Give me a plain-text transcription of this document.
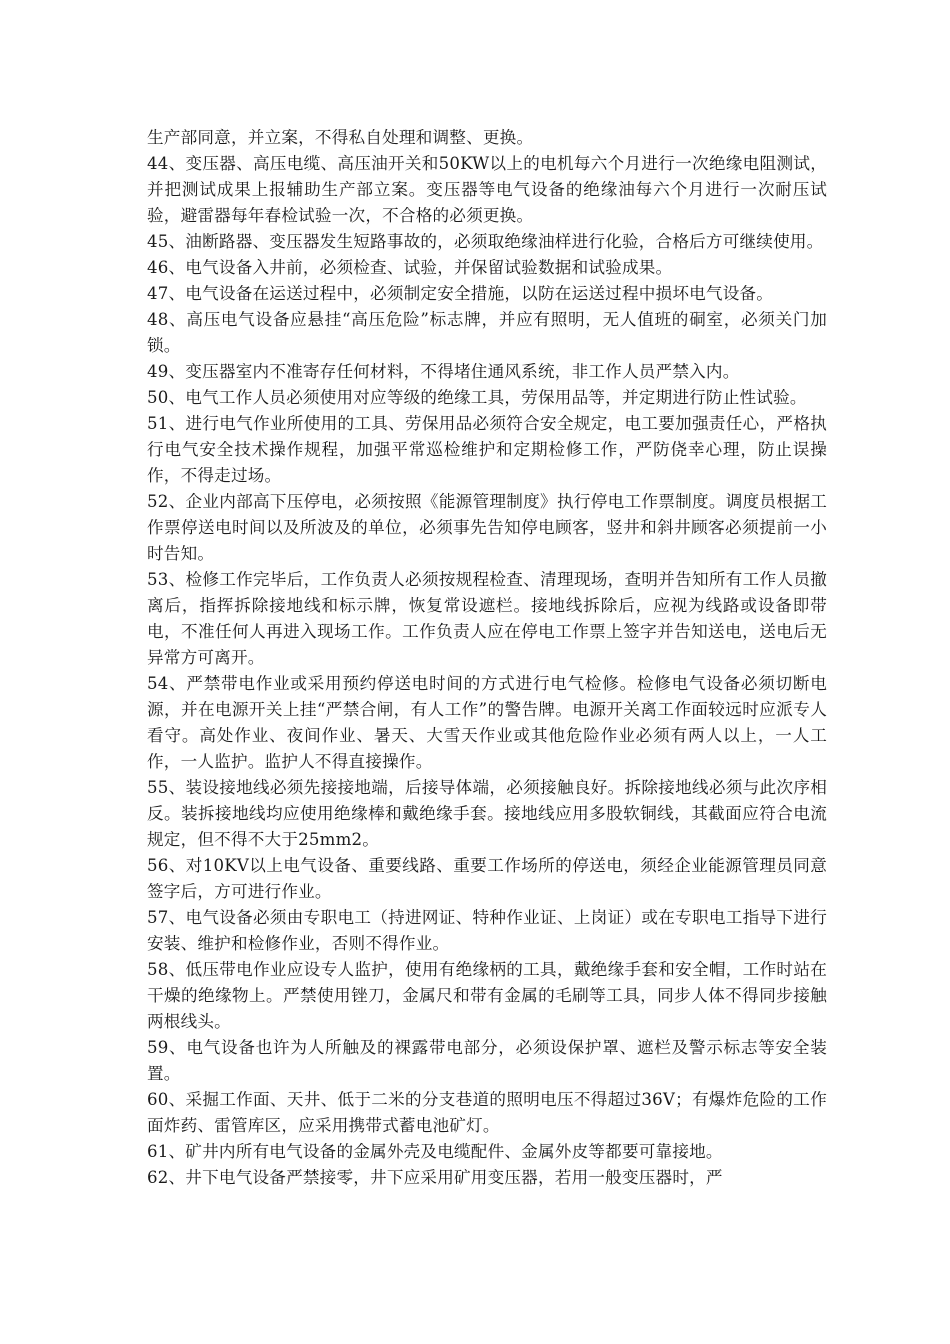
生产部同意，并立案，不得私自处理和调整、更换。

44、变压器、高压电缆、高压油开关和50KW以上的电机每六个月进行一次绝缘电阻测试，并把测试成果上报辅助生产部立案。变压器等电气设备的绝缘油每六个月进行一次耐压试验，避雷器每年春检试验一次，不合格的必须更换。

45、油断路器、变压器发生短路事故的，必须取绝缘油样进行化验，合格后方可继续使用。

46、电气设备入井前，必须检查、试验，并保留试验数据和试验成果。

47、电气设备在运送过程中，必须制定安全措施，以防在运送过程中损坏电气设备。

48、高压电气设备应悬挂“高压危险”标志牌，并应有照明，无人值班的硐室，必须关门加锁。

49、变压器室内不准寄存任何材料，不得堵住通风系统，非工作人员严禁入内。

50、电气工作人员必须使用对应等级的绝缘工具，劳保用品等，并定期进行防止性试验。

51、进行电气作业所使用的工具、劳保用品必须符合安全规定，电工要加强责任心，严格执行电气安全技术操作规程，加强平常巡检维护和定期检修工作，严防侥幸心理，防止误操作，不得走过场。

52、企业内部高下压停电，必须按照《能源管理制度》执行停电工作票制度。调度员根据工作票停送电时间以及所波及的单位，必须事先告知停电顾客，竖井和斜井顾客必须提前一小时告知。

53、检修工作完毕后，工作负责人必须按规程检查、清理现场，查明并告知所有工作人员撤离后，指挥拆除接地线和标示牌，恢复常设遮栏。接地线拆除后，应视为线路或设备即带电，不准任何人再进入现场工作。工作负责人应在停电工作票上签字并告知送电，送电后无异常方可离开。

54、严禁带电作业或采用预约停送电时间的方式进行电气检修。检修电气设备必须切断电源，并在电源开关上挂“严禁合闸，有人工作”的警告牌。电源开关离工作面较远时应派专人看守。高处作业、夜间作业、暑天、大雪天作业或其他危险作业必须有两人以上，一人工作，一人监护。监护人不得直接操作。

55、装设接地线必须先接接地端，后接导体端，必须接触良好。拆除接地线必须与此次序相反。装拆接地线均应使用绝缘棒和戴绝缘手套。接地线应用多股软铜线，其截面应符合电流规定，但不得不大于25mm2。

56、对10KV以上电气设备、重要线路、重要工作场所的停送电，须经企业能源管理员同意签字后，方可进行作业。

57、电气设备必须由专职电工（持进网证、特种作业证、上岗证）或在专职电工指导下进行安装、维护和检修作业，否则不得作业。

58、低压带电作业应设专人监护，使用有绝缘柄的工具，戴绝缘手套和安全帽，工作时站在干燥的绝缘物上。严禁使用锉刀，金属尺和带有金属的毛刷等工具，同步人体不得同步接触两根线头。

59、电气设备也许为人所触及的裸露带电部分，必须设保护罩、遮栏及警示标志等安全装置。

60、采掘工作面、天井、低于二米的分支巷道的照明电压不得超过36V；有爆炸危险的工作面炸药、雷管库区，应采用携带式蓄电池矿灯。

61、矿井内所有电气设备的金属外壳及电缆配件、金属外皮等都要可靠接地。

62、井下电气设备严禁接零，井下应采用矿用变压器，若用一般变压器时，严
